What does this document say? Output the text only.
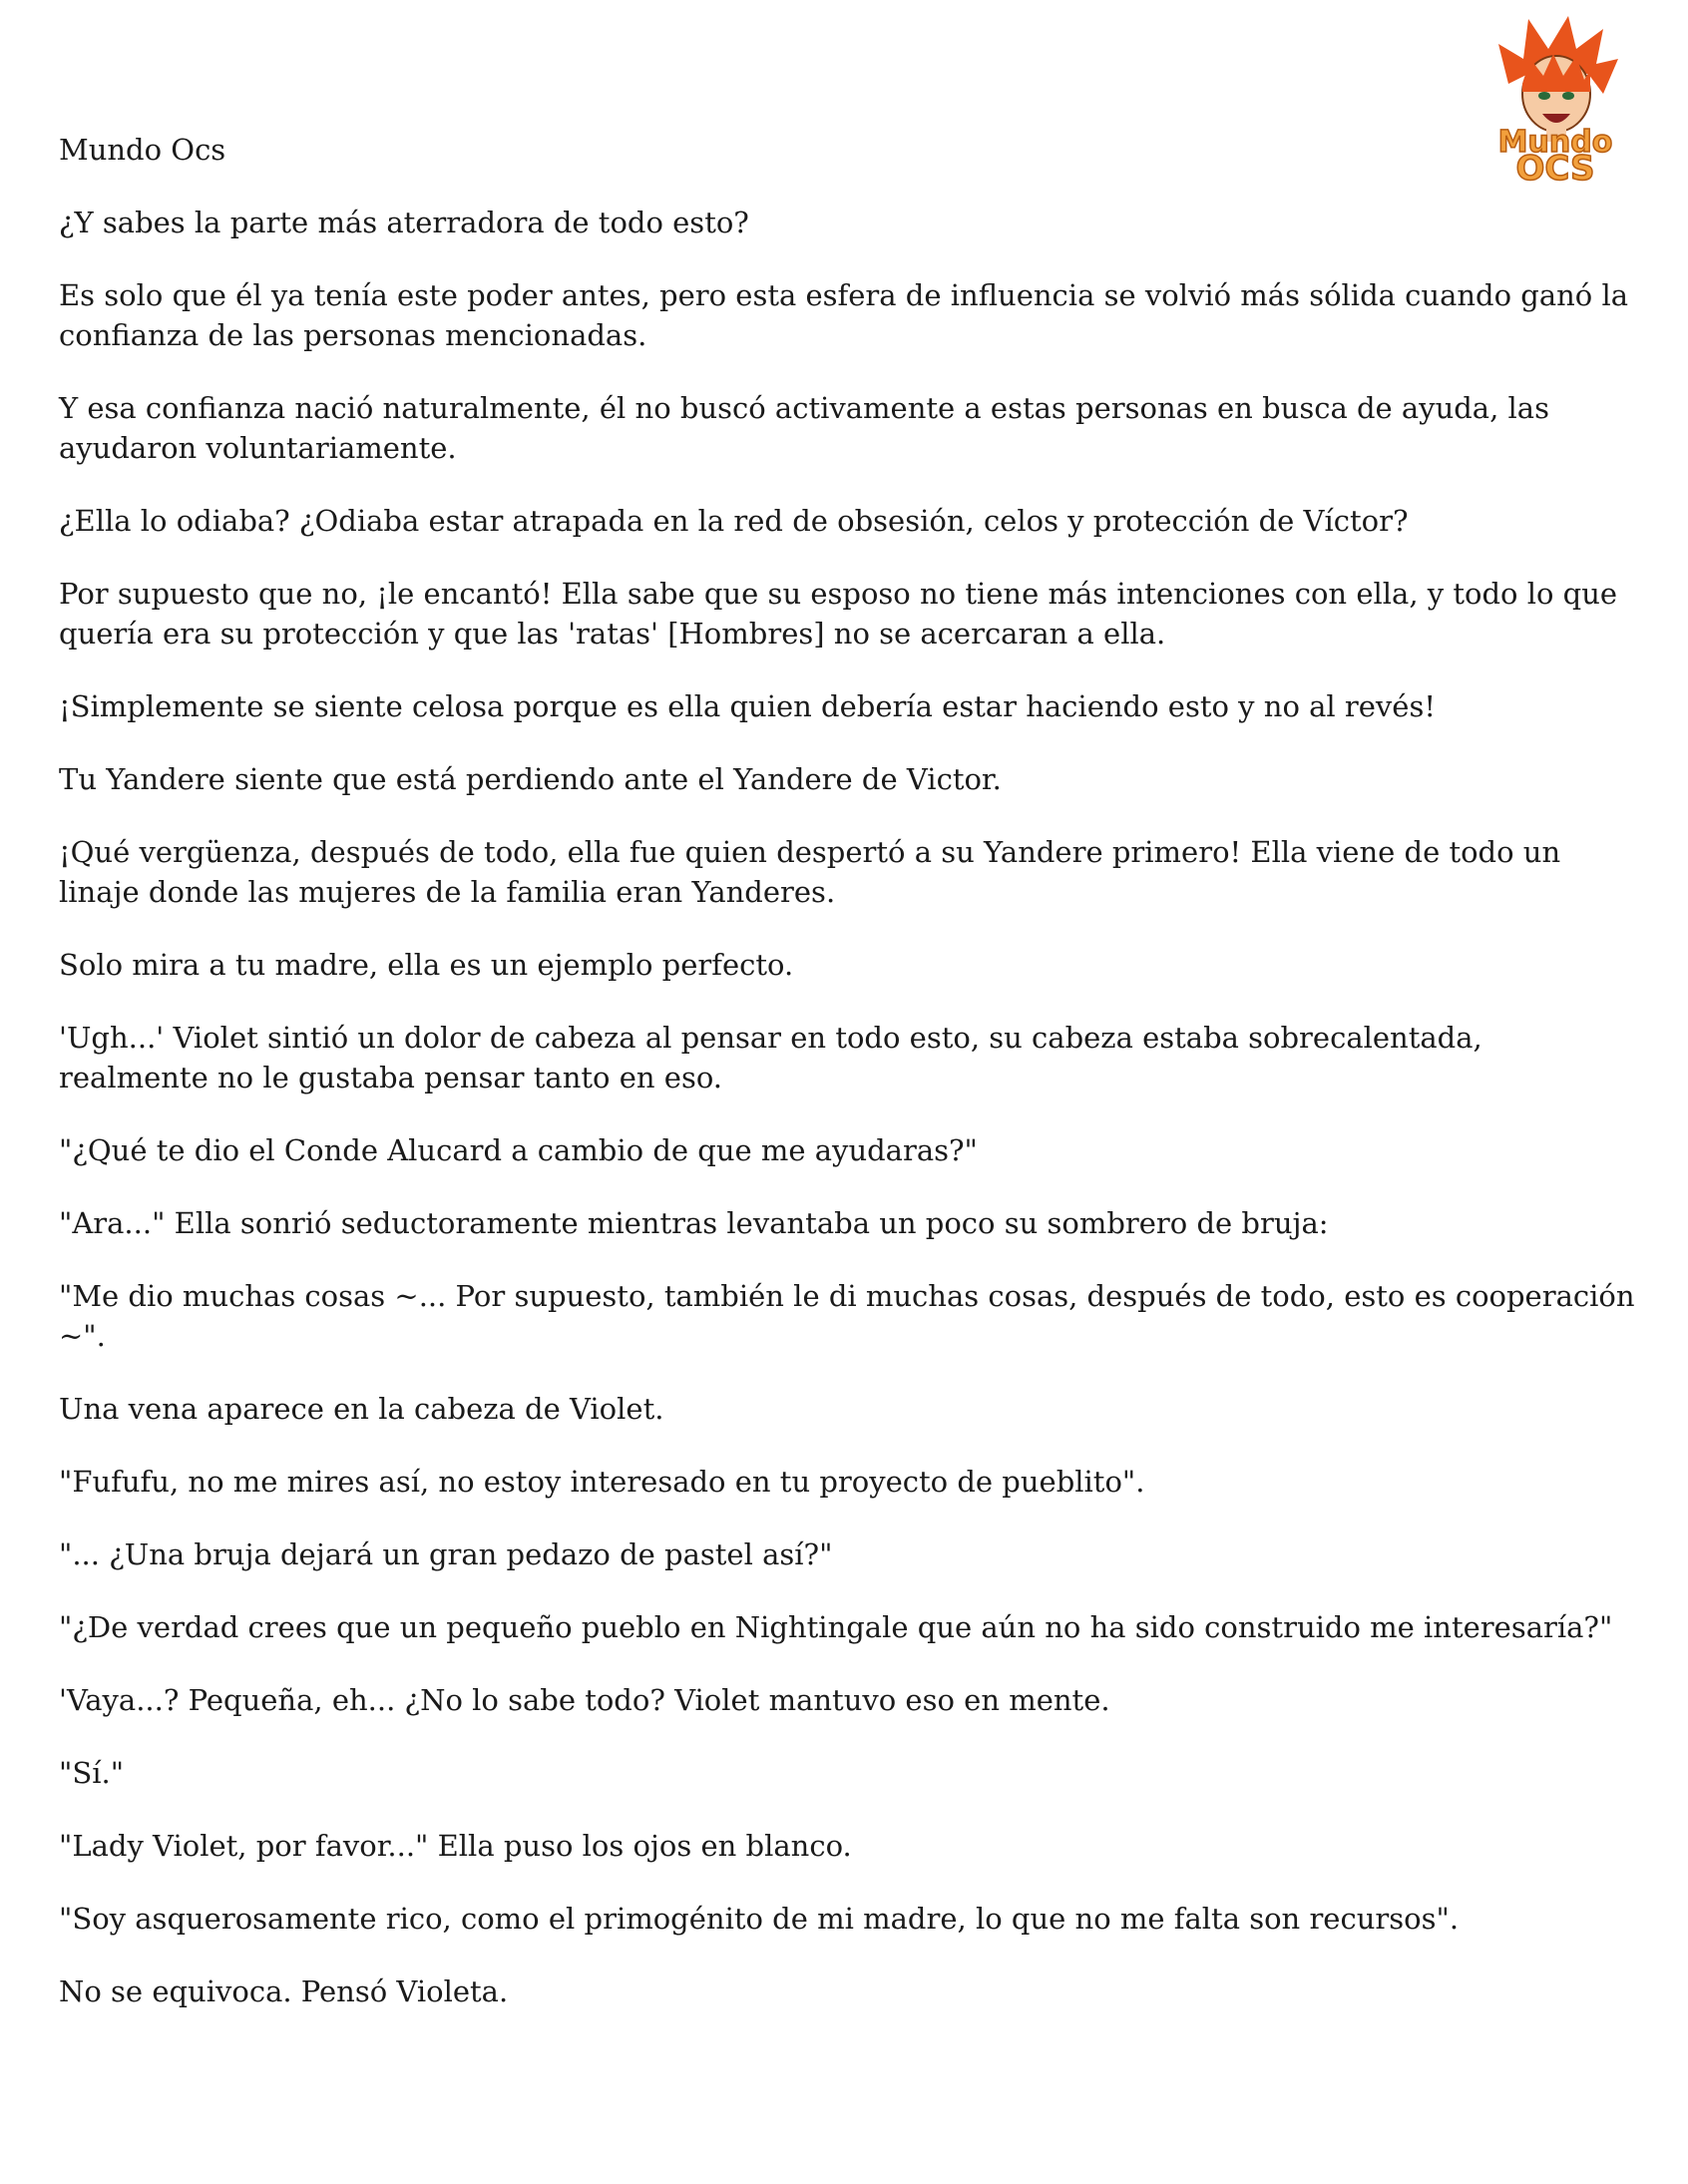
Mundo
OCS
Mundo Ocs

¿Y sabes la parte más aterradora de todo esto?

Es solo que él ya tenía este poder antes, pero esta esfera de influencia se volvió más sólida cuando ganó la confianza de las personas mencionadas.

Y esa confianza nació naturalmente, él no buscó activamente a estas personas en busca de ayuda, las ayudaron voluntariamente.

¿Ella lo odiaba? ¿Odiaba estar atrapada en la red de obsesión, celos y protección de Víctor?

Por supuesto que no, ¡le encantó! Ella sabe que su esposo no tiene más intenciones con ella, y todo lo que quería era su protección y que las 'ratas' [Hombres] no se acercaran a ella.

¡Simplemente se siente celosa porque es ella quien debería estar haciendo esto y no al revés!

Tu Yandere siente que está perdiendo ante el Yandere de Victor.

¡Qué vergüenza, después de todo, ella fue quien despertó a su Yandere primero! Ella viene de todo un linaje donde las mujeres de la familia eran Yanderes.

Solo mira a tu madre, ella es un ejemplo perfecto.

'Ugh...' Violet sintió un dolor de cabeza al pensar en todo esto, su cabeza estaba sobrecalentada, realmente no le gustaba pensar tanto en eso.

"¿Qué te dio el Conde Alucard a cambio de que me ayudaras?"

"Ara..." Ella sonrió seductoramente mientras levantaba un poco su sombrero de bruja:

"Me dio muchas cosas ~... Por supuesto, también le di muchas cosas, después de todo, esto es cooperación ~".

Una vena aparece en la cabeza de Violet.

"Fufufu, no me mires así, no estoy interesado en tu proyecto de pueblito".

"... ¿Una bruja dejará un gran pedazo de pastel así?"

"¿De verdad crees que un pequeño pueblo en Nightingale que aún no ha sido construido me interesaría?"

'Vaya...? Pequeña, eh... ¿No lo sabe todo? Violet mantuvo eso en mente.

"Sí."

"Lady Violet, por favor..." Ella puso los ojos en blanco.

"Soy asquerosamente rico, como el primogénito de mi madre, lo que no me falta son recursos".

No se equivoca. Pensó Violeta.
